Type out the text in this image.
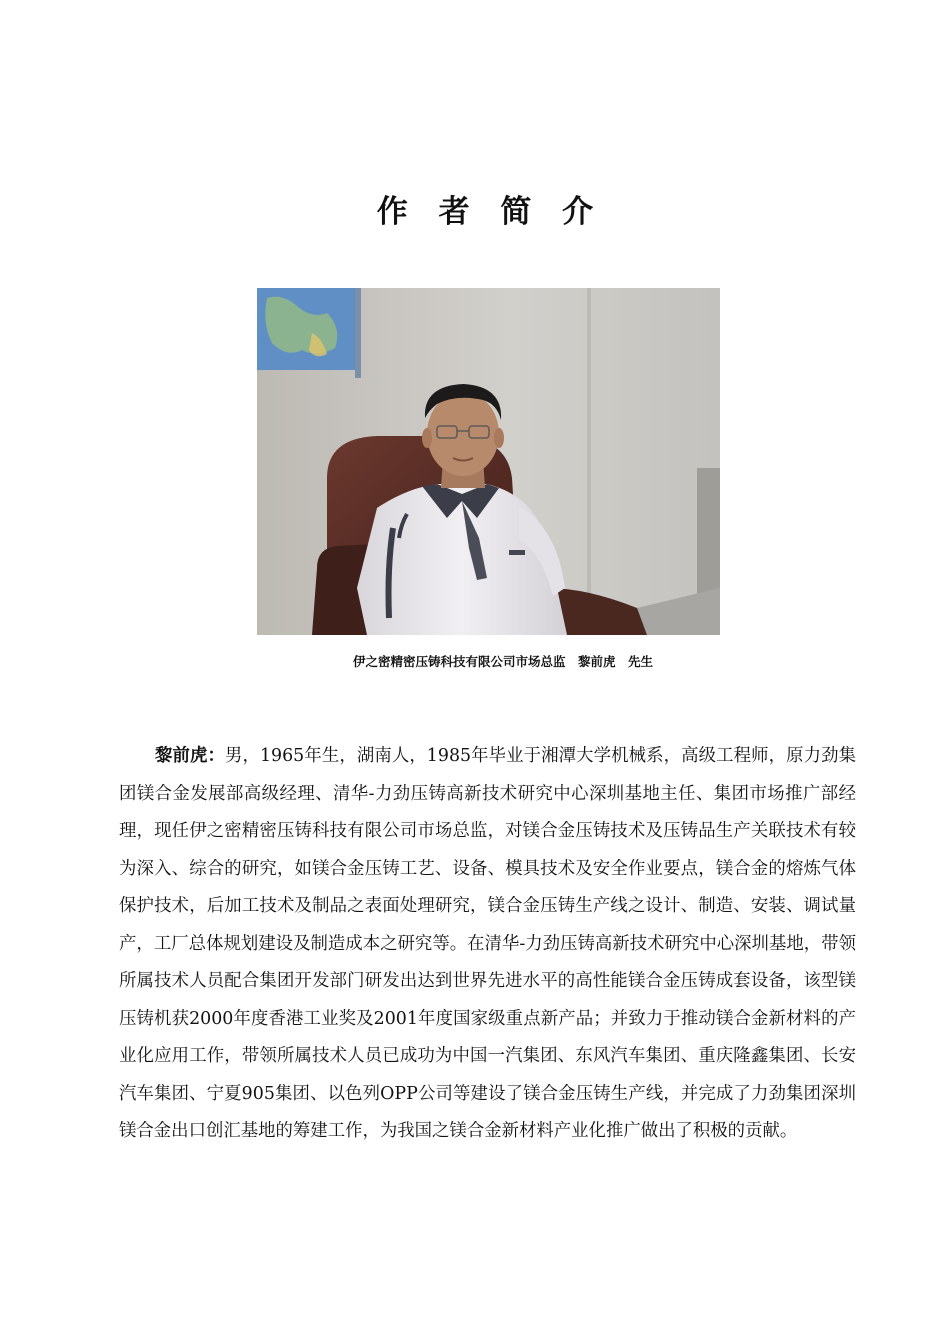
作 者 简 介
伊之密精密压铸科技有限公司市场总监　黎前虎　先生

黎前虎：男，1965年生，湖南人，1985年毕业于湘潭大学机械系，高级工程师，原力劲集团镁合金发展部高级经理、清华-力劲压铸高新技术研究中心深圳基地主任、集团市场推广部经理，现任伊之密精密压铸科技有限公司市场总监，对镁合金压铸技术及压铸品生产关联技术有较为深入、综合的研究，如镁合金压铸工艺、设备、模具技术及安全作业要点，镁合金的熔炼气体保护技术，后加工技术及制品之表面处理研究，镁合金压铸生产线之设计、制造、安装、调试量产，工厂总体规划建设及制造成本之研究等。在清华-力劲压铸高新技术研究中心深圳基地，带领所属技术人员配合集团开发部门研发出达到世界先进水平的高性能镁合金压铸成套设备，该型镁压铸机获2000年度香港工业奖及2001年度国家级重点新产品；并致力于推动镁合金新材料的产业化应用工作，带领所属技术人员已成功为中国一汽集团、东风汽车集团、重庆隆鑫集团、长安汽车集团、宁夏905集团、以色列OPP公司等建设了镁合金压铸生产线，并完成了力劲集团深圳镁合金出口创汇基地的筹建工作，为我国之镁合金新材料产业化推广做出了积极的贡献。
